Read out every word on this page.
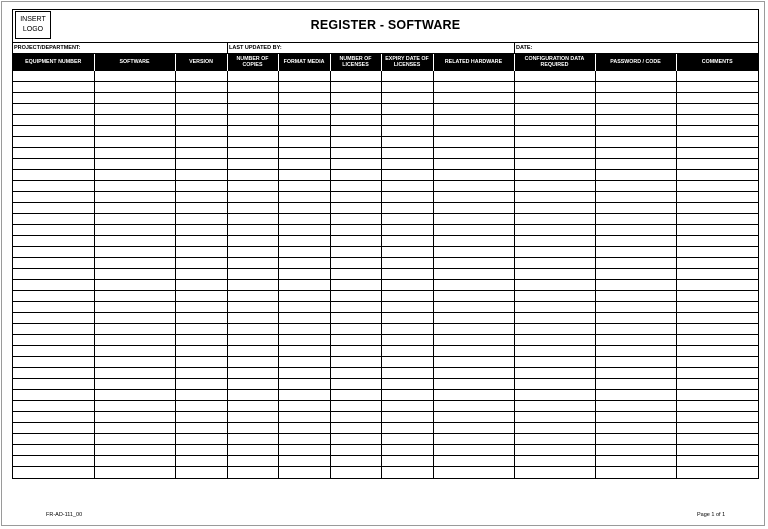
INSERT
LOGO	REGISTER - SOFTWARE
PROJECT/DEPARTMENT:	LAST UPDATED BY:	DATE:
EQUIPMENT NUMBER	SOFTWARE	VERSION	NUMBER OF COPIES	FORMAT MEDIA	NUMBER OF LICENSES	EXPIRY DATE OF LICENSES	RELATED HARDWARE	CONFIGURATION DATA REQUIRED	PASSWORD / CODE	COMMENTS

FR-AD-111_00	Page 1 of 1
